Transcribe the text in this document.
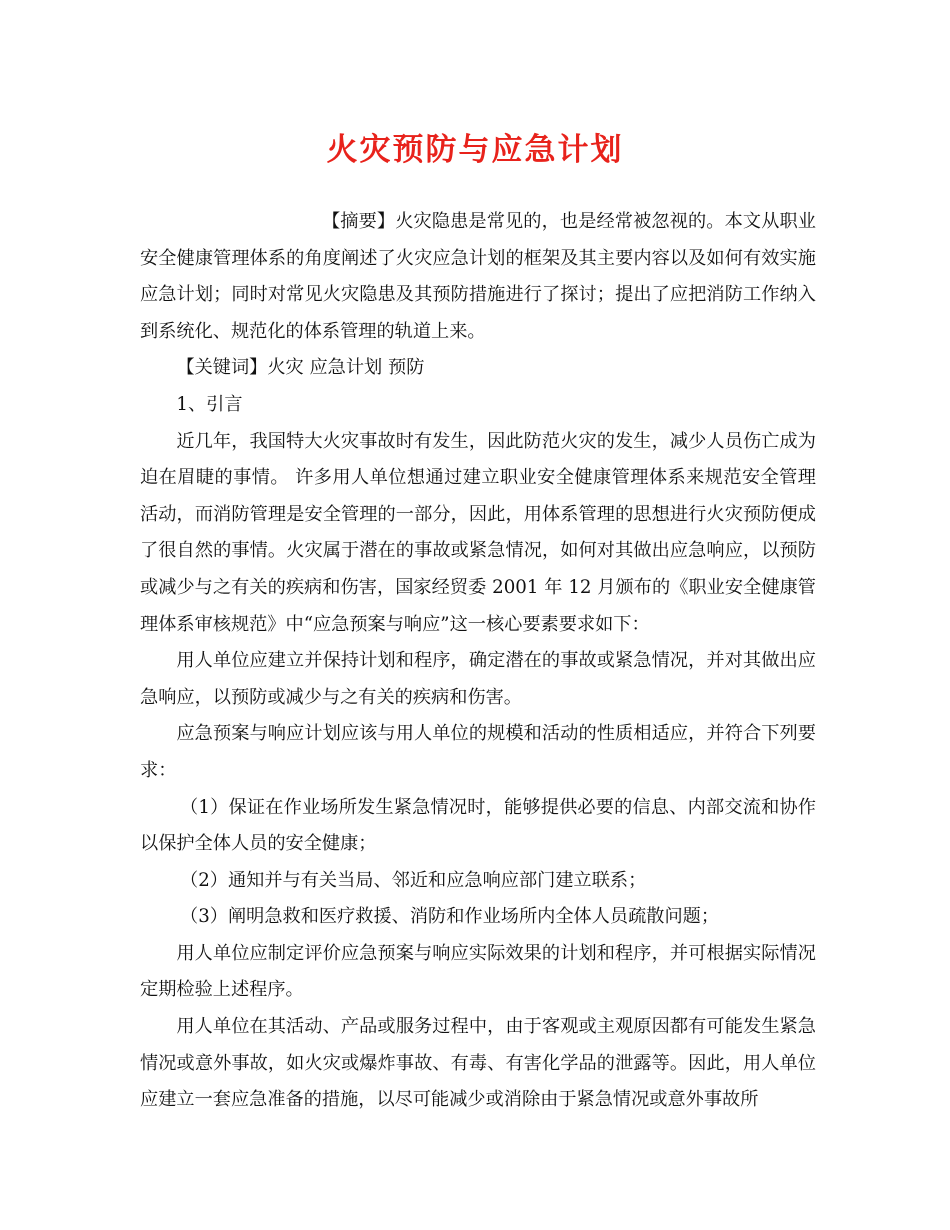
火灾预防与应急计划

【摘要】火灾隐患是常见的，也是经常被忽视的。本文从职业安全健康管理体系的角度阐述了火灾应急计划的框架及其主要内容以及如何有效实施应急计划；同时对常见火灾隐患及其预防措施进行了探讨；提出了应把消防工作纳入到系统化、规范化的体系管理的轨道上来。

【关键词】火灾 应急计划 预防

1、引言

近几年，我国特大火灾事故时有发生，因此防范火灾的发生，减少人员伤亡成为迫在眉睫的事情。 许多用人单位想通过建立职业安全健康管理体系来规范安全管理活动，而消防管理是安全管理的一部分，因此，用体系管理的思想进行火灾预防便成了很自然的事情。火灾属于潜在的事故或紧急情况，如何对其做出应急响应，以预防或减少与之有关的疾病和伤害，国家经贸委 2001 年 12 月颁布的《职业安全健康管理体系审核规范》中“应急预案与响应”这一核心要素要求如下：

用人单位应建立并保持计划和程序，确定潜在的事故或紧急情况，并对其做出应急响应，以预防或减少与之有关的疾病和伤害。

应急预案与响应计划应该与用人单位的规模和活动的性质相适应，并符合下列要求：

（1）保证在作业场所发生紧急情况时，能够提供必要的信息、内部交流和协作以保护全体人员的安全健康；

（2）通知并与有关当局、邻近和应急响应部门建立联系；

（3）阐明急救和医疗救援、消防和作业场所内全体人员疏散问题；

用人单位应制定评价应急预案与响应实际效果的计划和程序，并可根据实际情况定期检验上述程序。

用人单位在其活动、产品或服务过程中，由于客观或主观原因都有可能发生紧急情况或意外事故，如火灾或爆炸事故、有毒、有害化学品的泄露等。因此，用人单位应建立一套应急准备的措施，以尽可能减少或消除由于紧急情况或意外事故所
